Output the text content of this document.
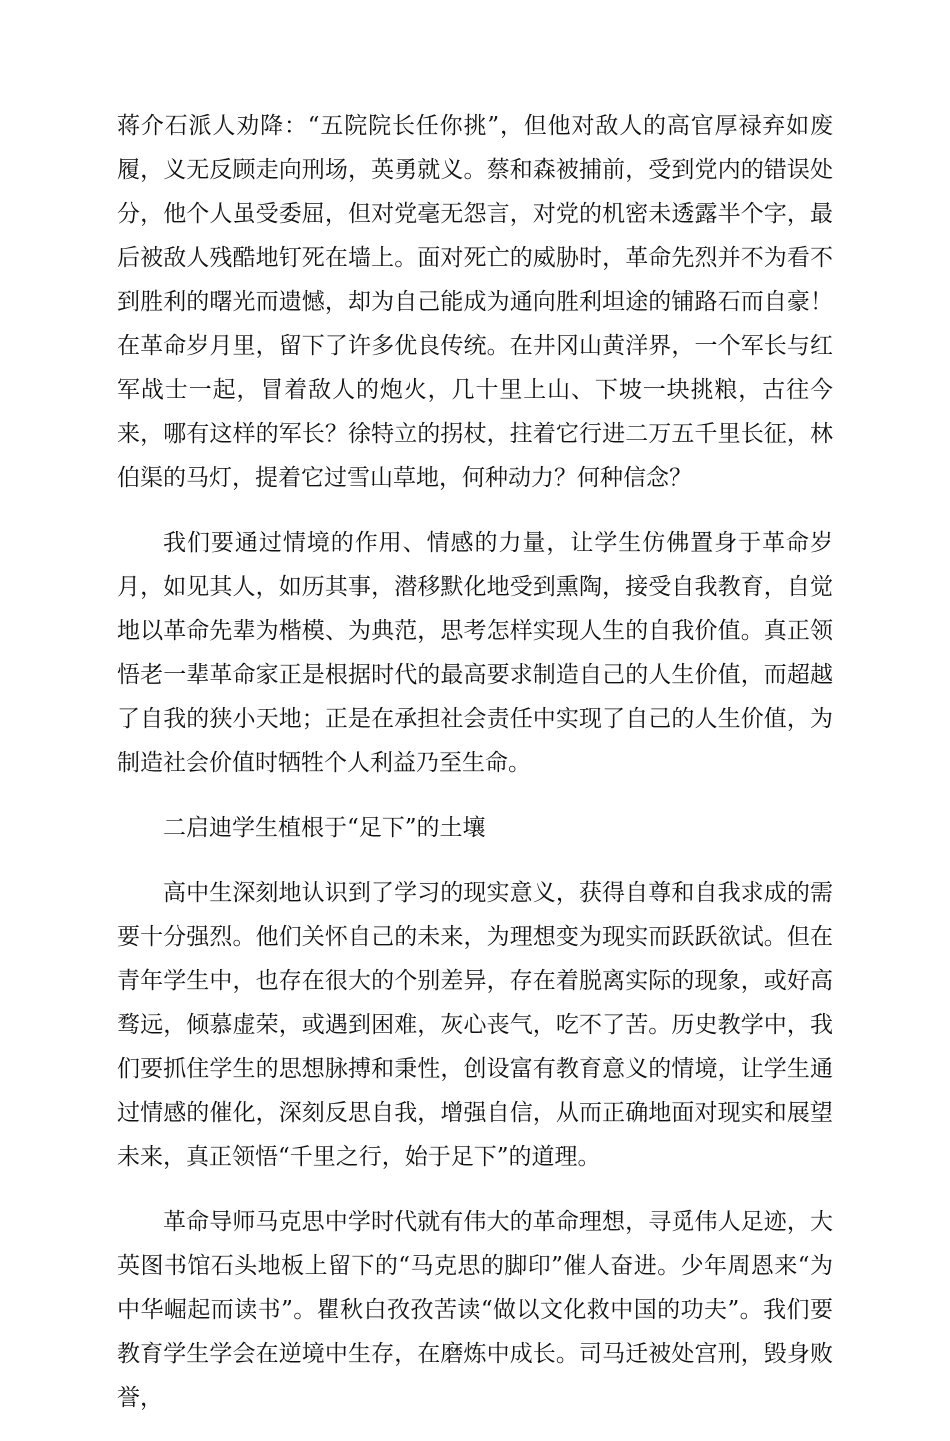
蒋介石派人劝降：“五院院长任你挑”，但他对敌人的高官厚禄弃如废履，义无反顾走向刑场，英勇就义。蔡和森被捕前，受到党内的错误处分，他个人虽受委屈，但对党毫无怨言，对党的机密未透露半个字，最后被敌人残酷地钉死在墙上。面对死亡的威胁时，革命先烈并不为看不到胜利的曙光而遗憾，却为自己能成为通向胜利坦途的铺路石而自豪！在革命岁月里，留下了许多优良传统。在井冈山黄洋界，一个军长与红军战士一起，冒着敌人的炮火，几十里上山、下坡一块挑粮，古往今来，哪有这样的军长？徐特立的拐杖，拄着它行进二万五千里长征，林伯渠的马灯，提着它过雪山草地，何种动力？何种信念？

我们要通过情境的作用、情感的力量，让学生仿佛置身于革命岁月，如见其人，如历其事，潜移默化地受到熏陶，接受自我教育，自觉地以革命先辈为楷模、为典范，思考怎样实现人生的自我价值。真正领悟老一辈革命家正是根据时代的最高要求制造自己的人生价值，而超越了自我的狭小天地；正是在承担社会责任中实现了自己的人生价值，为制造社会价值时牺牲个人利益乃至生命。

二启迪学生植根于“足下”的土壤

高中生深刻地认识到了学习的现实意义，获得自尊和自我求成的需要十分强烈。他们关怀自己的未来，为理想变为现实而跃跃欲试。但在青年学生中，也存在很大的个别差异，存在着脱离实际的现象，或好高骛远，倾慕虚荣，或遇到困难，灰心丧气，吃不了苦。历史教学中，我们要抓住学生的思想脉搏和秉性，创设富有教育意义的情境，让学生通过情感的催化，深刻反思自我，增强自信，从而正确地面对现实和展望未来，真正领悟“千里之行，始于足下”的道理。

革命导师马克思中学时代就有伟大的革命理想，寻觅伟人足迹，大英图书馆石头地板上留下的“马克思的脚印”催人奋进。少年周恩来“为中华崛起而读书”。瞿秋白孜孜苦读“做以文化救中国的功夫”。我们要教育学生学会在逆境中生存，在磨炼中成长。司马迁被处宫刑，毁身败誉，
